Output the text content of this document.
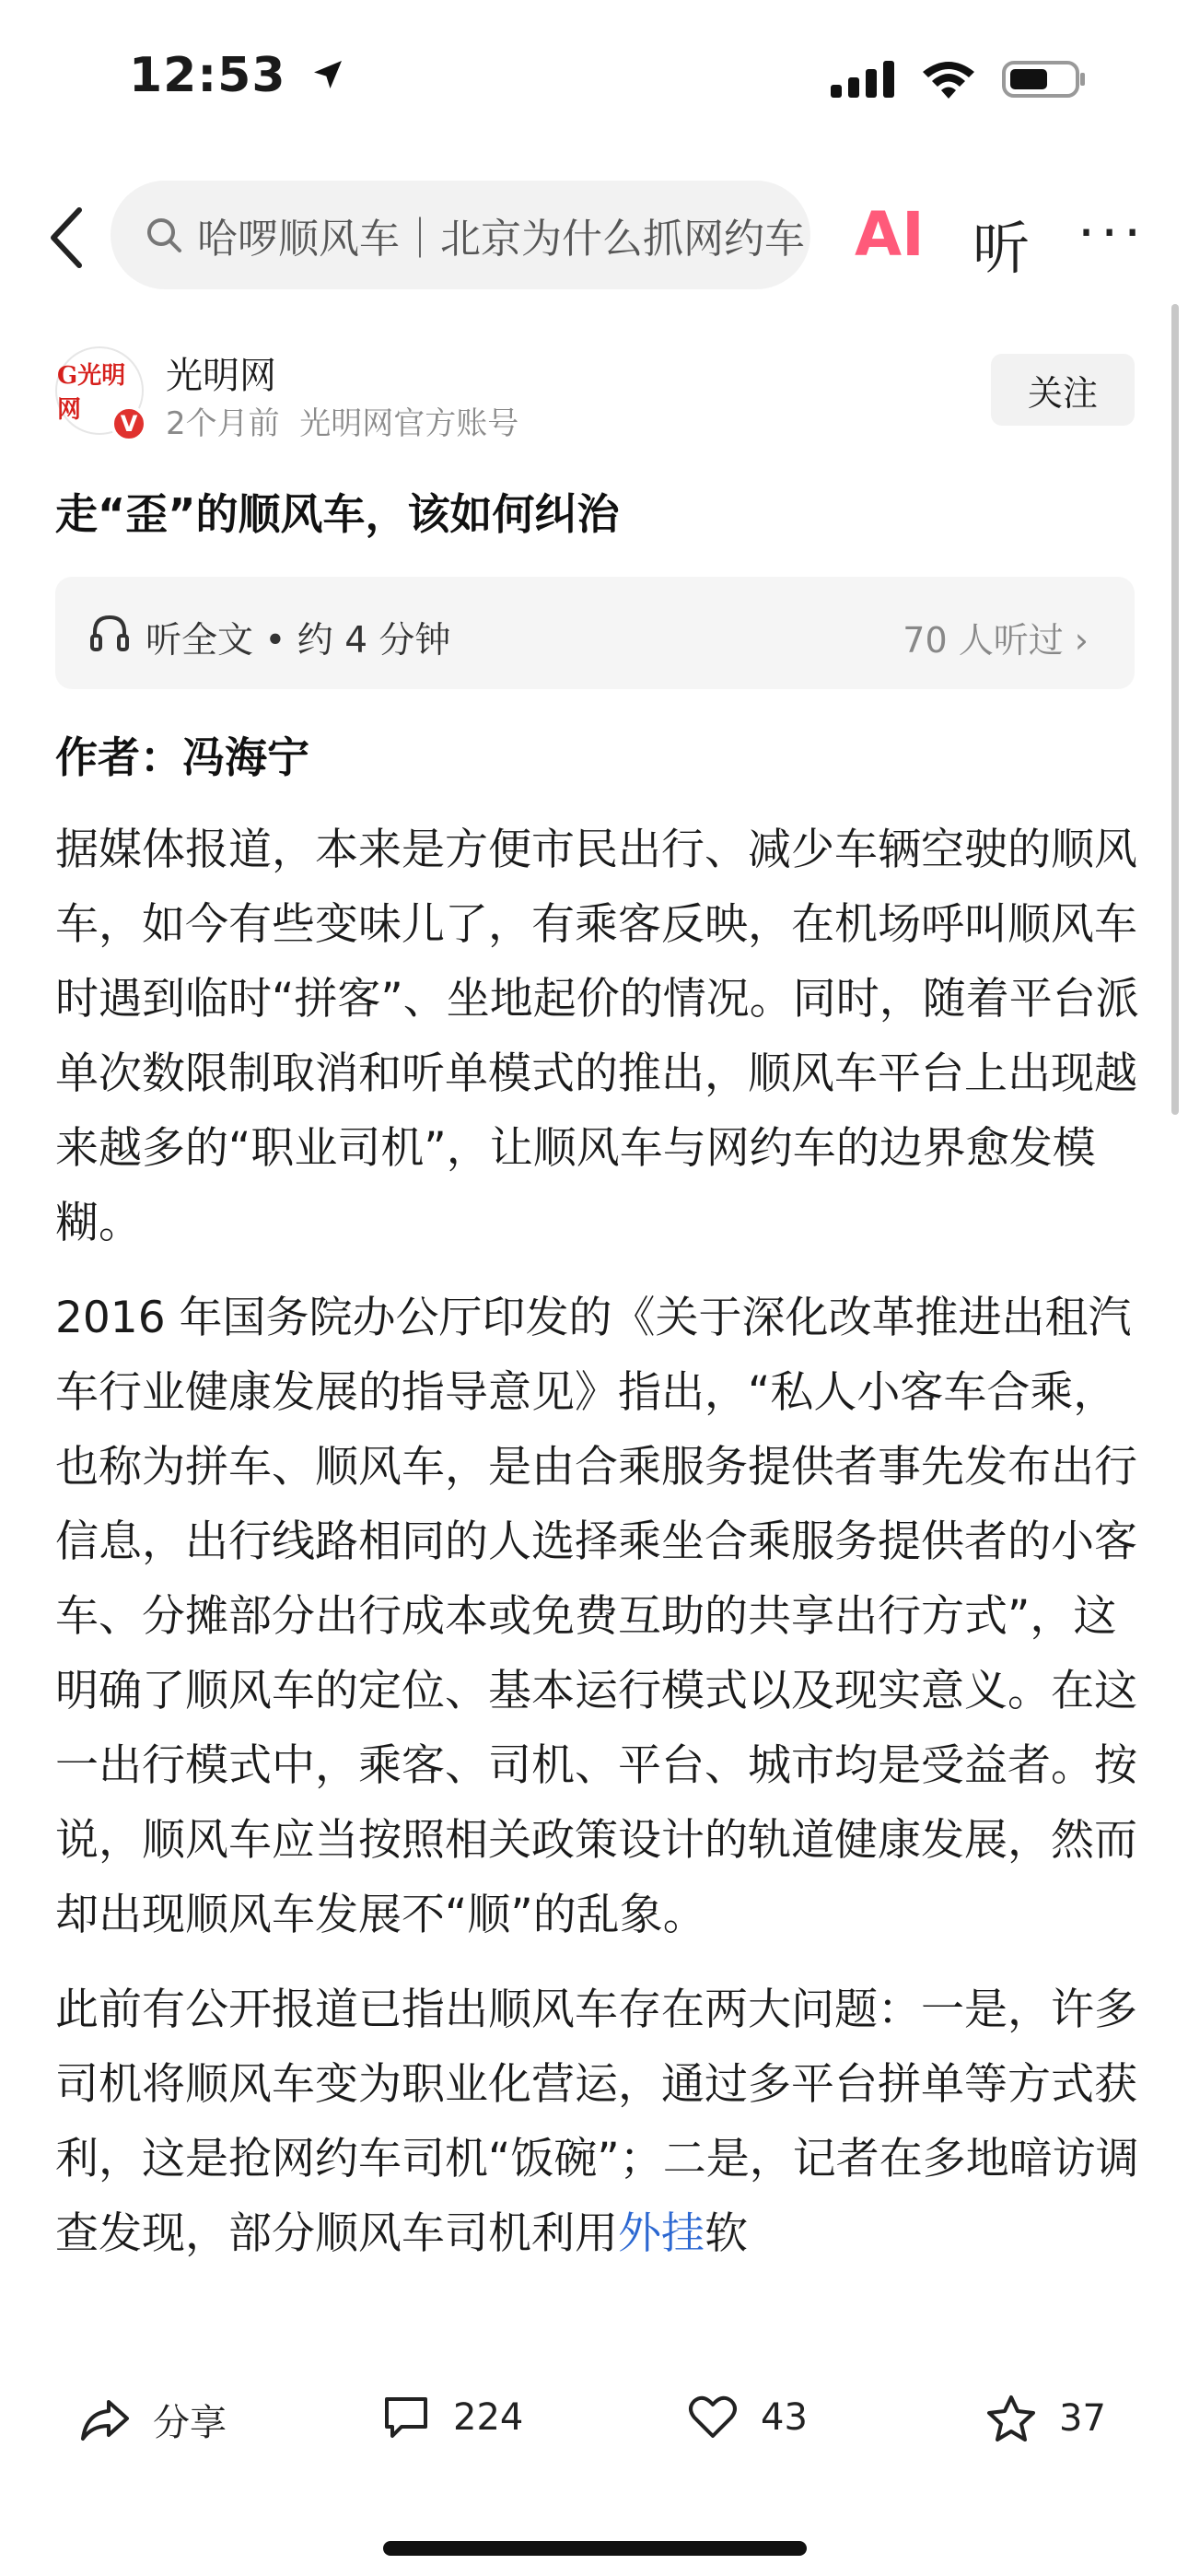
12:53
哈啰顺风车｜北京为什么抓网约车 AI 听 ···
G光明网	V
光明网
2个月前  光明网官方账号
关注
走“歪”的顺风车，该如何纠治
听全文 • 约 4 分钟	70 人听过 ›
作者：冯海宁

据媒体报道，本来是方便市民出行、减少车辆空驶的顺风车，如今有些变味儿了，有乘客反映，在机场呼叫顺风车时遇到临时“拼客”、坐地起价的情况。同时，随着平台派单次数限制取消和听单模式的推出，顺风车平台上出现越来越多的“职业司机”，让顺风车与网约车的边界愈发模糊。

2016 年国务院办公厅印发的《关于深化改革推进出租汽车行业健康发展的指导意见》指出，“私人小客车合乘，也称为拼车、顺风车，是由合乘服务提供者事先发布出行信息，出行线路相同的人选择乘坐合乘服务提供者的小客车、分摊部分出行成本或免费互助的共享出行方式”，这明确了顺风车的定位、基本运行模式以及现实意义。在这一出行模式中，乘客、司机、平台、城市均是受益者。按说，顺风车应当按照相关政策设计的轨道健康发展，然而却出现顺风车发展不“顺”的乱象。

此前有公开报道已指出顺风车存在两大问题：一是，许多司机将顺风车变为职业化营运，通过多平台拼单等方式获利，这是抢网约车司机“饭碗”；二是，记者在多地暗访调查发现，部分顺风车司机利用外挂软

分享	224	43	37
